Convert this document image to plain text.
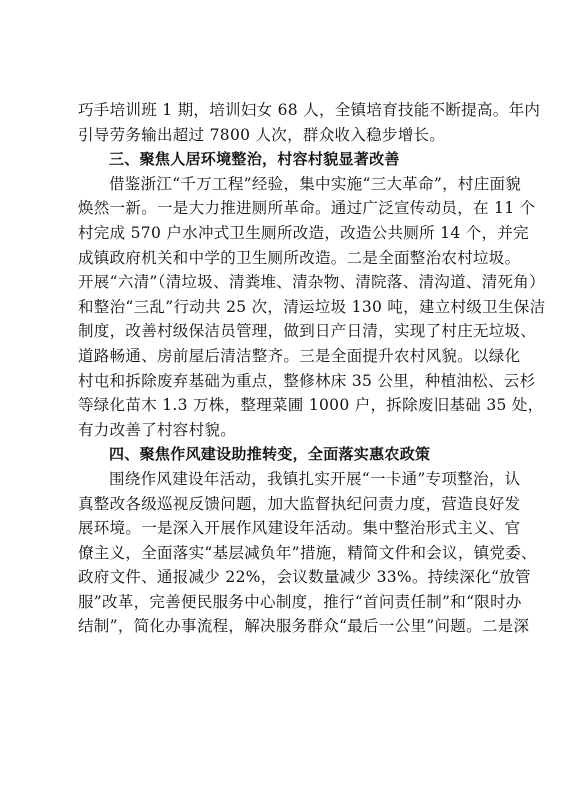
巧手培训班 1 期，培训妇女 68 人，全镇培育技能不断提高。年内
引导劳务输出超过 7800 人次，群众收入稳步增长。
三、聚焦人居环境整治，村容村貌显著改善
借鉴浙江“千万工程”经验，集中实施“三大革命”，村庄面貌
焕然一新。一是大力推进厕所革命。通过广泛宣传动员，在 11 个
村完成 570 户水冲式卫生厕所改造，改造公共厕所 14 个，并完
成镇政府机关和中学的卫生厕所改造。二是全面整治农村垃圾。
开展“六清”（清垃圾、清粪堆、清杂物、清院落、清沟道、清死角）
和整治“三乱”行动共 25 次，清运垃圾 130 吨，建立村级卫生保洁
制度，改善村级保洁员管理，做到日产日清，实现了村庄无垃圾、
道路畅通、房前屋后清洁整齐。三是全面提升农村风貌。以绿化
村屯和拆除废弃基础为重点，整修林床 35 公里，种植油松、云杉
等绿化苗木 1.3 万株，整理菜圃 1000 户，拆除废旧基础 35 处，
有力改善了村容村貌。
四、聚焦作风建设助推转变，全面落实惠农政策
围绕作风建设年活动，我镇扎实开展“一卡通”专项整治，认
真整改各级巡视反馈问题，加大监督执纪问责力度，营造良好发
展环境。一是深入开展作风建设年活动。集中整治形式主义、官
僚主义，全面落实“基层减负年”措施，精简文件和会议，镇党委、
政府文件、通报减少 22%，会议数量减少 33%。持续深化“放管
服”改革，完善便民服务中心制度，推行“首问责任制”和“限时办
结制”，简化办事流程，解决服务群众“最后一公里”问题。二是深
